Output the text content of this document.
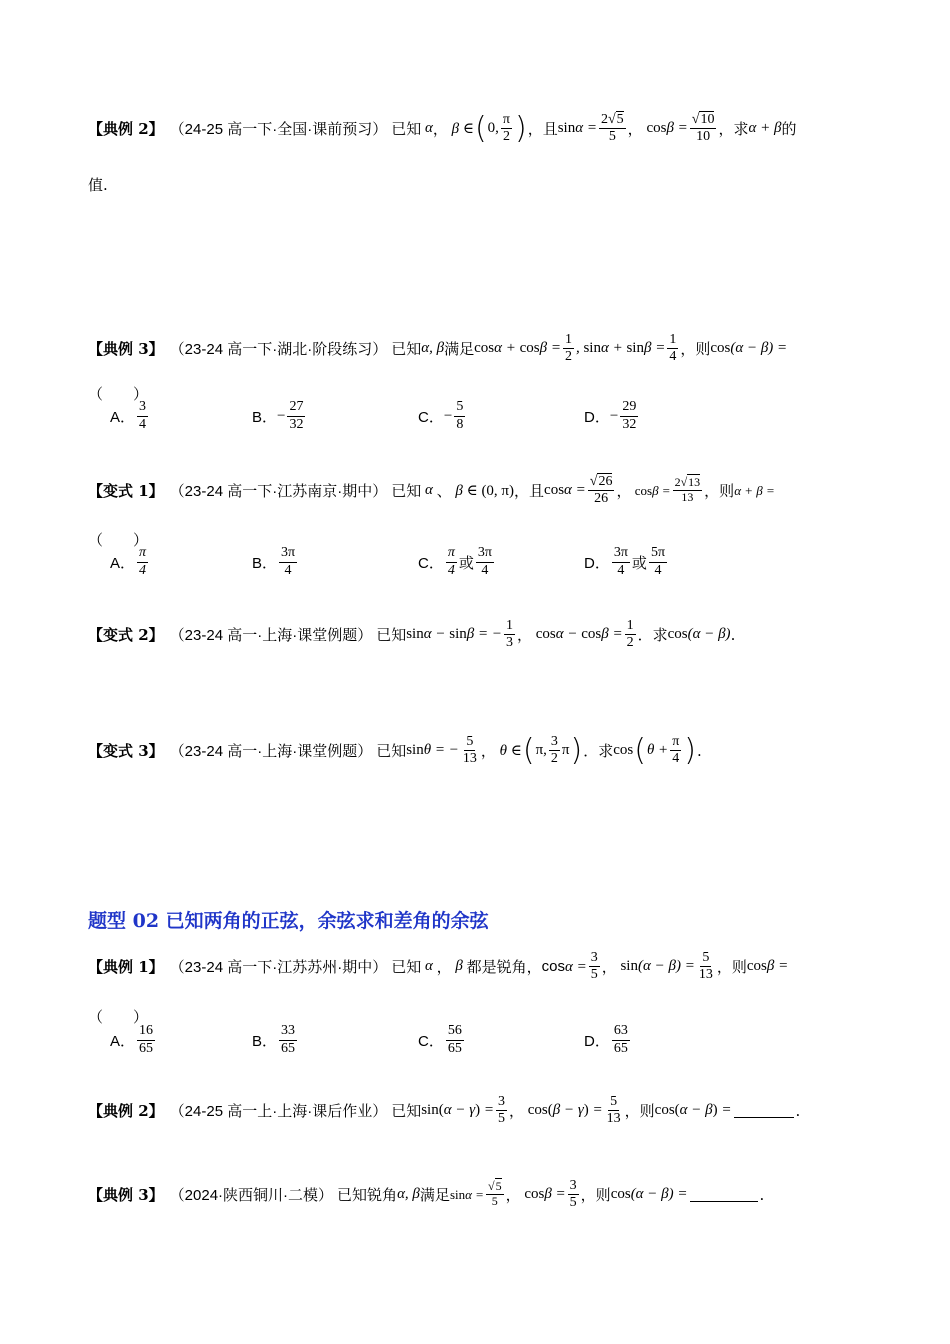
【典例 2】 （24-25 高一下·全国·课前预习） 已知 α ， β ∈ ( 0, $\frac{\pi}{2}$ ) ，且 $\sin\alpha = \frac{2√5}{5}$ ， $\cos\beta = \frac{√10}{10}$ ，求 α + β 的
值.
【典例 3】 （23-24 高一下·湖北·阶段练习） 已知 α, β 满足 $\cos\alpha + \cos\beta = \frac{1}{2}$ , $\sin\alpha + \sin\beta = \frac{1}{4}$ ，则 cos(α − β) =
（　　）
A． $\frac{3}{4}$	B． − $\frac{27}{32}$	C． − $\frac{5}{8}$	D． − $\frac{29}{32}$
【变式 1】 （23-24 高一下·江苏南京·期中） 已知 α 、 β ∈ (0, π) ，且 $\cos\alpha = \frac{√26}{26}$ ， $\cos\beta = \frac{2√13}{13}$ ，则 α + β =
（　　）
A． $\frac{\pi}{4}$	B． $\frac{3\pi}{4}$	C． $\frac{\pi}{4}$ 或 $\frac{3\pi}{4}$	D． $\frac{3\pi}{4}$ 或 $\frac{5\pi}{4}$
【变式 2】 （23-24 高一·上海·课堂例题） 已知 sinα − sinβ = − $\frac{1}{3}$ ， $\cos\alpha - \cos\beta = \frac{1}{2}$ ．求 cos(α − β) .
【变式 3】 （23-24 高一·上海·课堂例题） 已知 sinθ = − $\frac{5}{13}$ ， θ ∈ ( π, $\frac{3}{2}$ π ) ．求 cos ( $\theta + \frac{\pi}{4}$ ) .
题型 02 已知两角的正弦，余弦求和差角的余弦
【典例 1】 （23-24 高一下·江苏苏州·期中） 已知 α ， β 都是锐角， $\cos\alpha = \frac{3}{5}$ ， $\sin(\alpha - \beta) = \frac{5}{13}$ ，则 cosβ =
（　　）
A． $\frac{16}{65}$	B． $\frac{33}{65}$	C． $\frac{56}{65}$	D． $\frac{63}{65}$
【典例 2】 （24-25 高一上·上海·课后作业） 已知 $\sin(\alpha - \gamma) = \frac{3}{5}$ ， $\cos(\beta - \gamma) = \frac{5}{13}$ ，则 cos(α − β) =	.
【典例 3】 （2024·陕西铜川·二模） 已知锐角 α, β 满足 $\sin\alpha = \frac{√5}{5}$ ， $\cos\beta = \frac{3}{5}$ ，则 cos(α − β) =	.
